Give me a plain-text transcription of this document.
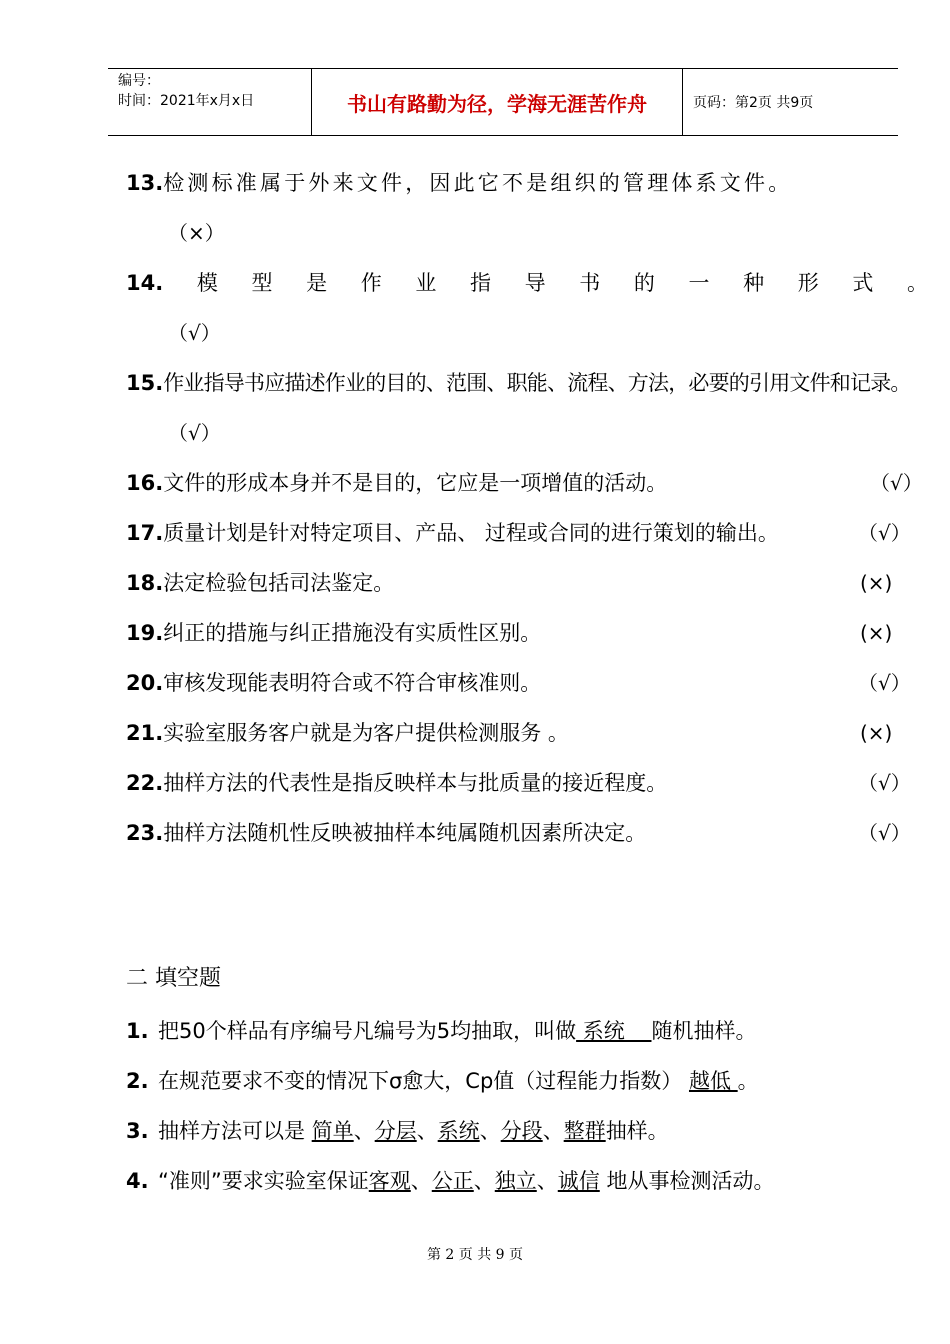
编号：
时间：2021年x月x日	书山有路勤为径，学海无涯苦作舟	页码：第2页 共9页
13.检测标准属于外来文件，因此它不是组织的管理体系文件。
（×）
14. 模 型 是 作 业 指 导 书 的 一 种 形 式 。
（√）
15.作业指导书应描述作业的目的、范围、职能、流程、方法，必要的引用文件和记录。
（√）
16.文件的形成本身并不是目的，它应是一项增值的活动。	（√）
17.质量计划是针对特定项目、产品、 过程或合同的进行策划的输出。	（√）
18.法定检验包括司法鉴定。	(×)
19.纠正的措施与纠正措施没有实质性区别。	(×)
20.审核发现能表明符合或不符合审核准则。	（√）
21.实验室服务客户就是为客户提供检测服务 。	(×)
22.抽样方法的代表性是指反映样本与批质量的接近程度。	（√）
23.抽样方法随机性反映被抽样本纯属随机因素所决定。	（√）
二 填空题
1. 把50个样品有序编号凡编号为5均抽取，叫做 系统    随机抽样。
2. 在规范要求不变的情况下σ愈大，Cp值（过程能力指数） 越低 。
3. 抽样方法可以是 简单、分层、系统、分段、整群抽样。
4. “准则”要求实验室保证客观、公正、独立、诚信 地从事检测活动。
第 2 页 共 9 页
